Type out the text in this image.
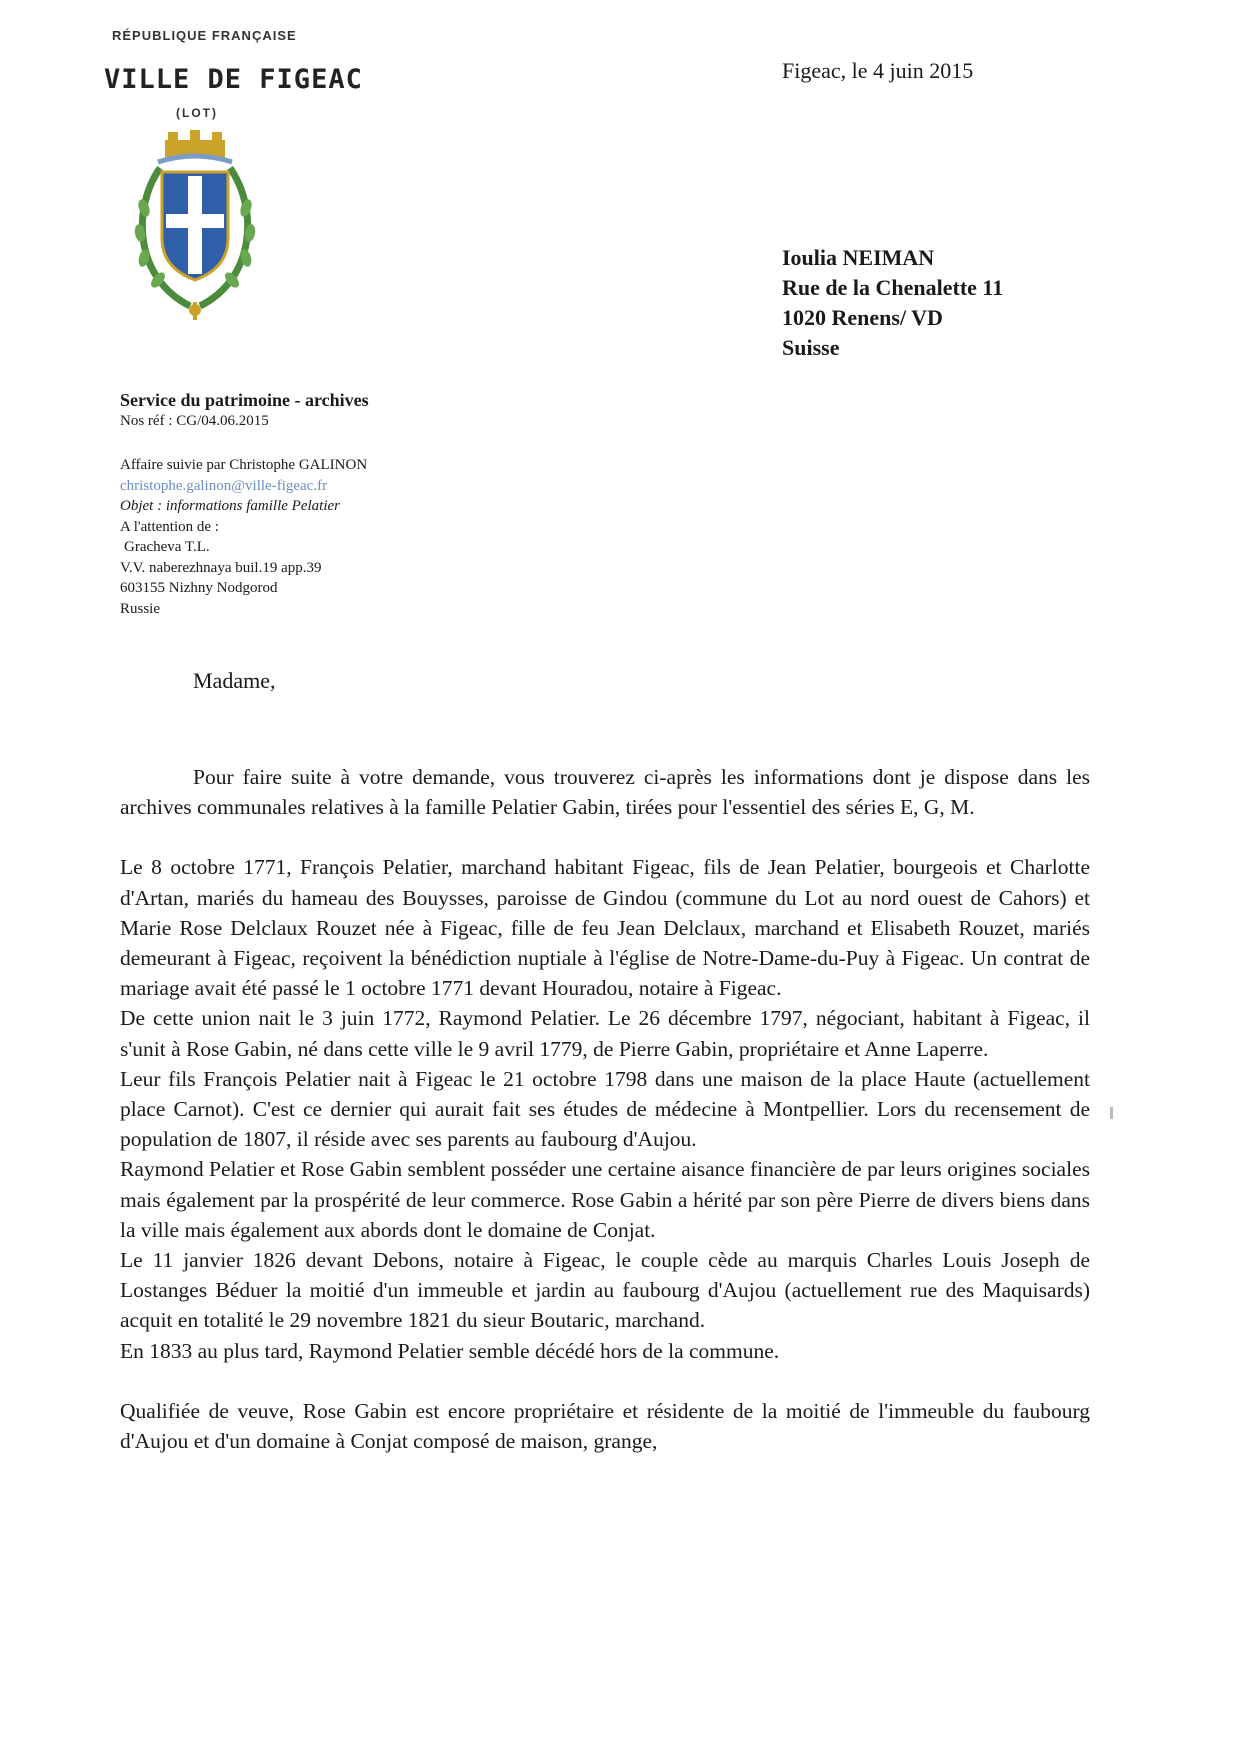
RÉPUBLIQUE FRANÇAISE
VILLE DE FIGEAC
(LOT)
Figeac, le 4 juin 2015
Ioulia NEIMAN
Rue de la Chenalette 11
1020 Renens/ VD
Suisse
Service du patrimoine - archives
Nos réf : CG/04.06.2015
Affaire suivie par Christophe GALINON
christophe.galinon@ville-figeac.fr
Objet : informations famille Pelatier
A l'attention de :
Gracheva T.L.
V.V. naberezhnaya buil.19 app.39
603155 Nizhny Nodgorod
Russie
Madame,

Pour faire suite à votre demande, vous trouverez ci-après les informations dont je dispose dans les archives communales relatives à la famille Pelatier Gabin, tirées pour l'essentiel des séries E, G, M.

Le 8 octobre 1771, François Pelatier, marchand habitant Figeac, fils de Jean Pelatier, bourgeois et Charlotte d'Artan, mariés du hameau des Bouysses, paroisse de Gindou (commune du Lot au nord ouest de Cahors) et Marie Rose Delclaux Rouzet née à Figeac, fille de feu Jean Delclaux, marchand et Elisabeth Rouzet, mariés demeurant à Figeac, reçoivent la bénédiction nuptiale à l'église de Notre-Dame-du-Puy à Figeac. Un contrat de mariage avait été passé le 1 octobre 1771 devant Houradou, notaire à Figeac.

De cette union nait le 3 juin 1772, Raymond Pelatier. Le 26 décembre 1797, négociant, habitant à Figeac, il s'unit à Rose Gabin, né dans cette ville le 9 avril 1779, de Pierre Gabin, propriétaire et Anne Laperre.

Leur fils François Pelatier nait à Figeac le 21 octobre 1798 dans une maison de la place Haute (actuellement place Carnot). C'est ce dernier qui aurait fait ses études de médecine à Montpellier. Lors du recensement de population de 1807, il réside avec ses parents au faubourg d'Aujou.

Raymond Pelatier et Rose Gabin semblent posséder une certaine aisance financière de par leurs origines sociales mais également par la prospérité de leur commerce. Rose Gabin a hérité par son père Pierre de divers biens dans la ville mais également aux abords dont le domaine de Conjat.

Le 11 janvier 1826 devant Debons, notaire à Figeac, le couple cède au marquis Charles Louis Joseph de Lostanges Béduer la moitié d'un immeuble et jardin au faubourg d'Aujou (actuellement rue des Maquisards) acquit en totalité le 29 novembre 1821 du sieur Boutaric, marchand.

En 1833 au plus tard, Raymond Pelatier semble décédé hors de la commune.

Qualifiée de veuve, Rose Gabin est encore propriétaire et résidente de la moitié de l'immeuble du faubourg d'Aujou et d'un domaine à Conjat composé de maison, grange,
